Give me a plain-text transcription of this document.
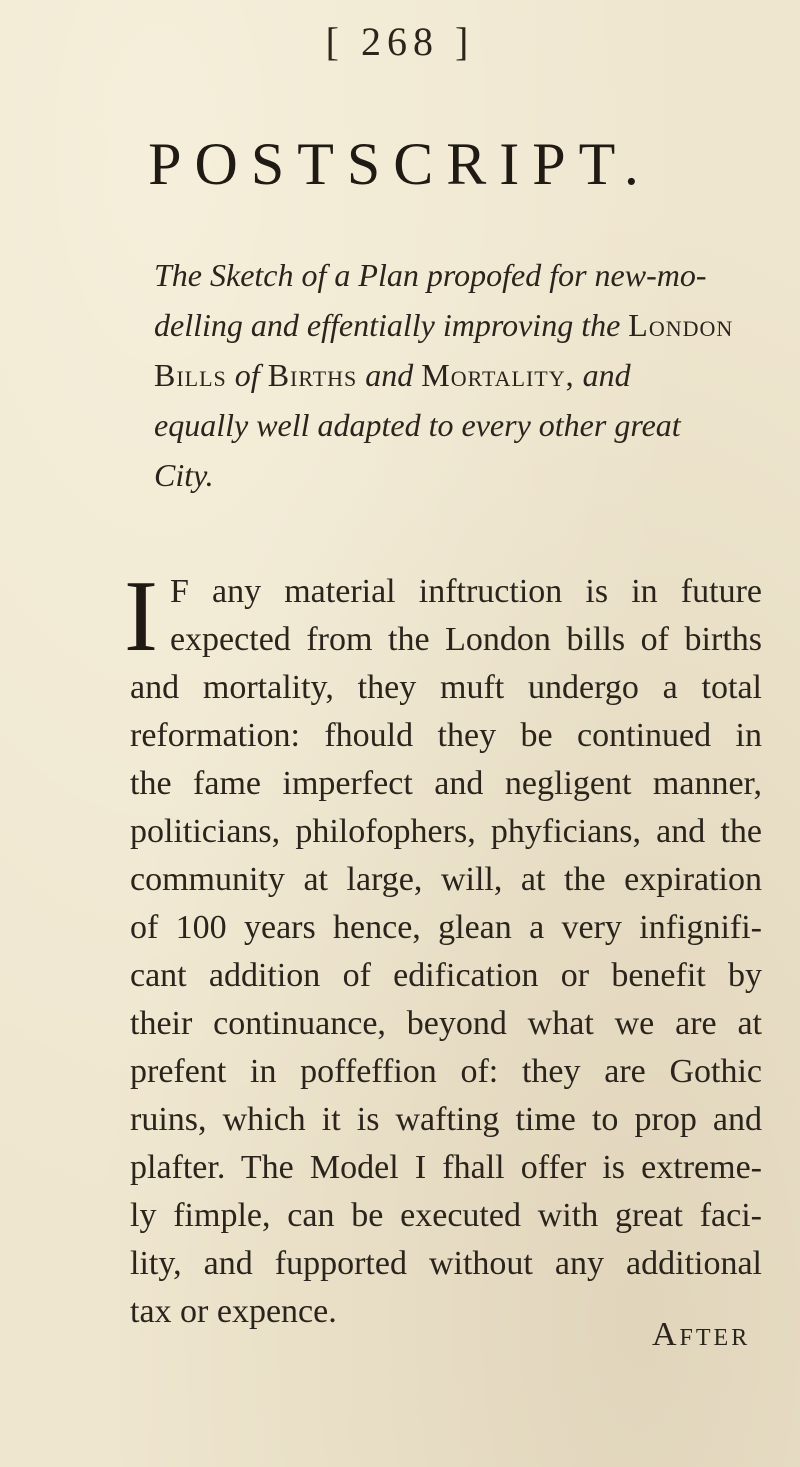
[ 268 ]
POSTSCRIPT.
The Sketch of a Plan propofed for new-mo-
delling and effentially improving the London
Bills of Births and Mortality, and
equally well adapted to every other great
City.
I F any material inftruction is in future
expected from the London bills of births
and mortality, they muft undergo a total
reformation: fhould they be continued in
the fame imperfect and negligent manner,
politicians, philofophers, phyficians, and the
community at large, will, at the expiration
of 100 years hence, glean a very infignifi-
cant addition of edification or benefit by
their continuance, beyond what we are at
prefent in poffeffion of: they are Gothic
ruins, which it is wafting time to prop and
plafter. The Model I fhall offer is extreme-
ly fimple, can be executed with great faci-
lity, and fupported without any additional
tax or expence.
After
